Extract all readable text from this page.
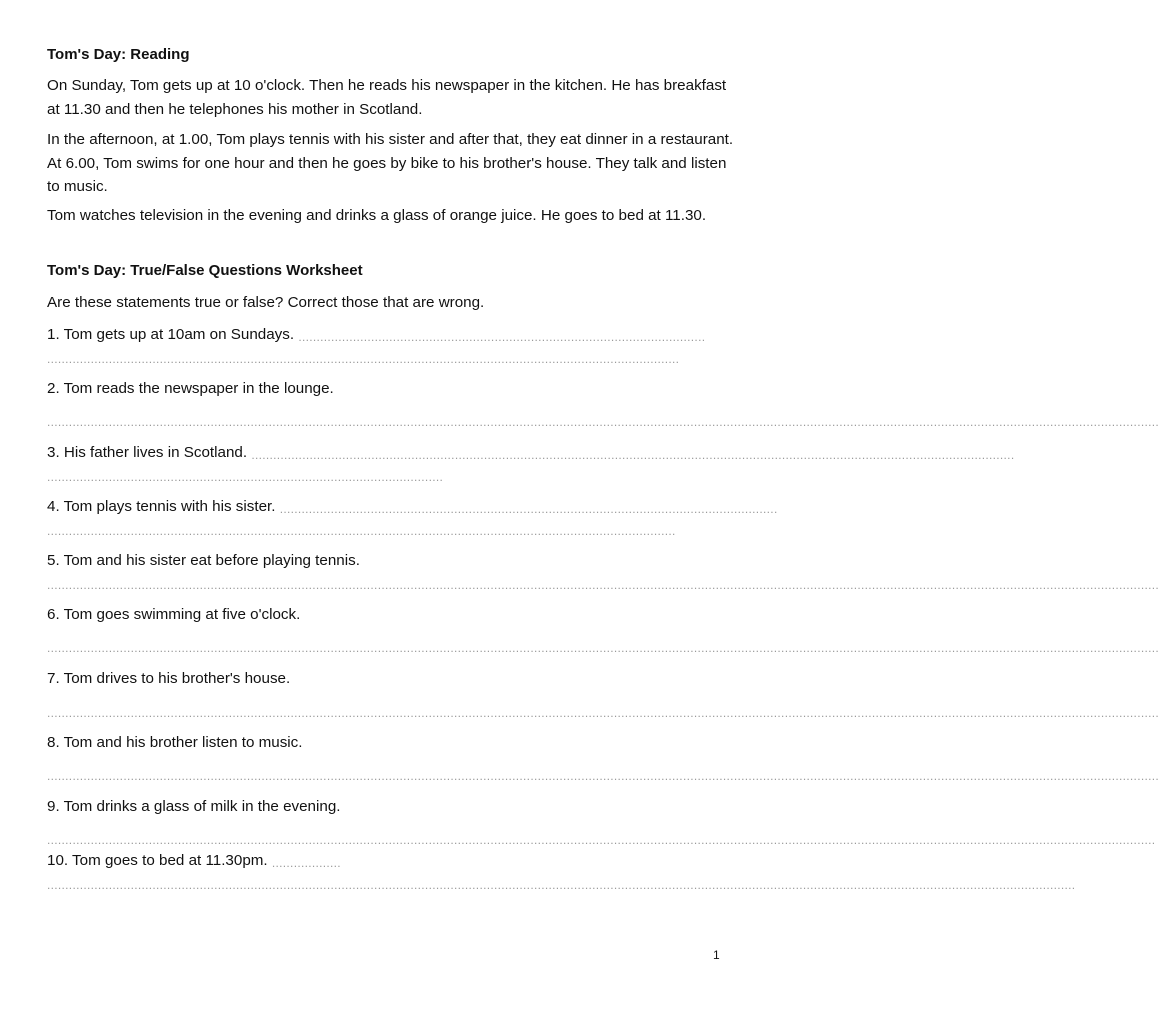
Tom's Day: Reading

On Sunday, Tom gets up at 10 o'clock. Then he reads his newspaper in the kitchen. He has breakfast at 11.30 and then he telephones his mother in Scotland.

In the afternoon, at 1.00, Tom plays tennis with his sister and after that, they eat dinner in a restaurant. At 6.00, Tom swims for one hour and then he goes by bike to his brother's house. They talk and listen to music.

Tom watches television in the evening and drinks a glass of orange juice. He goes to bed at 11.30.

Tom's Day: True/False Questions Worksheet

Are these statements true or false? Correct those that are wrong.

1. Tom gets up at 10am on Sundays. ................................................................................................................
..............................................................................................................................................................................
2. Tom reads the newspaper in the lounge.
..................................................................................................................................................................................................................................................................................................................
3. His father lives in Scotland. ..................................................................................................................................................................................................................
.............................................................................................................
4. Tom plays tennis with his sister. .........................................................................................................................................
.............................................................................................................................................................................
5. Tom and his sister eat before playing tennis.
..................................................................................................................................................................................................................................................................................................................
6. Tom goes swimming at five o'clock.
..................................................................................................................................................................................................................................................................................................................
7. Tom drives to his brother's house.
..................................................................................................................................................................................................................................................................................................................
8. Tom and his brother listen to music.
..................................................................................................................................................................................................................................................................................................................
9. Tom drinks a glass of milk in the evening.
.................................................................................................................................................................................................................................................................................................................
10. Tom goes to bed at 11.30pm. ...................
...........................................................................................................................................................................................................................................................................................
1
